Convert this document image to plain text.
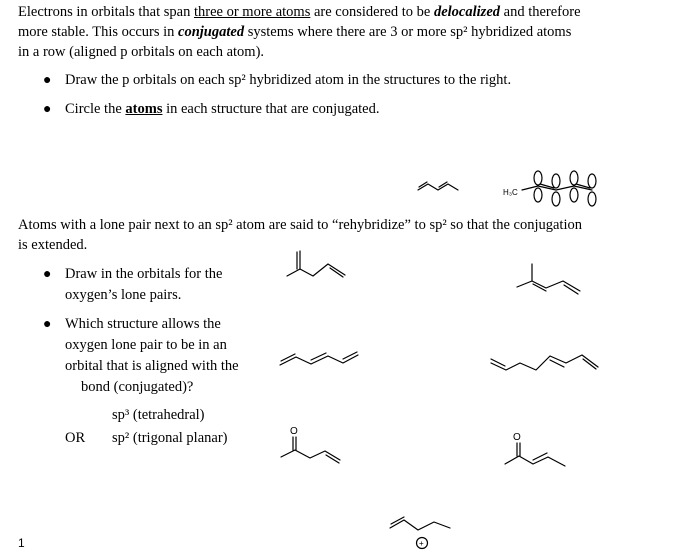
Electrons in orbitals that span three or more atoms are considered to be delocalized and therefore
more stable. This occurs in conjugated systems where there are 3 or more sp² hybridized atoms
in a row (aligned p orbitals on each atom).
● Draw the p orbitals on each sp² hybridized atom in the structures to the right.
● Circle the atoms in each structure that are conjugated.
Atoms with a lone pair next to an sp² atom are said to “rehybridize” to sp² so that the conjugation
is extended.
● Draw in the orbitals for the
oxygen’s lone pairs.
● Which structure allows the
oxygen lone pair to be in an
orbital that is aligned with the
bond (conjugated)?
sp³ (tetrahedral)
OR sp² (trigonal planar)
H₃C
O
O
+
1
